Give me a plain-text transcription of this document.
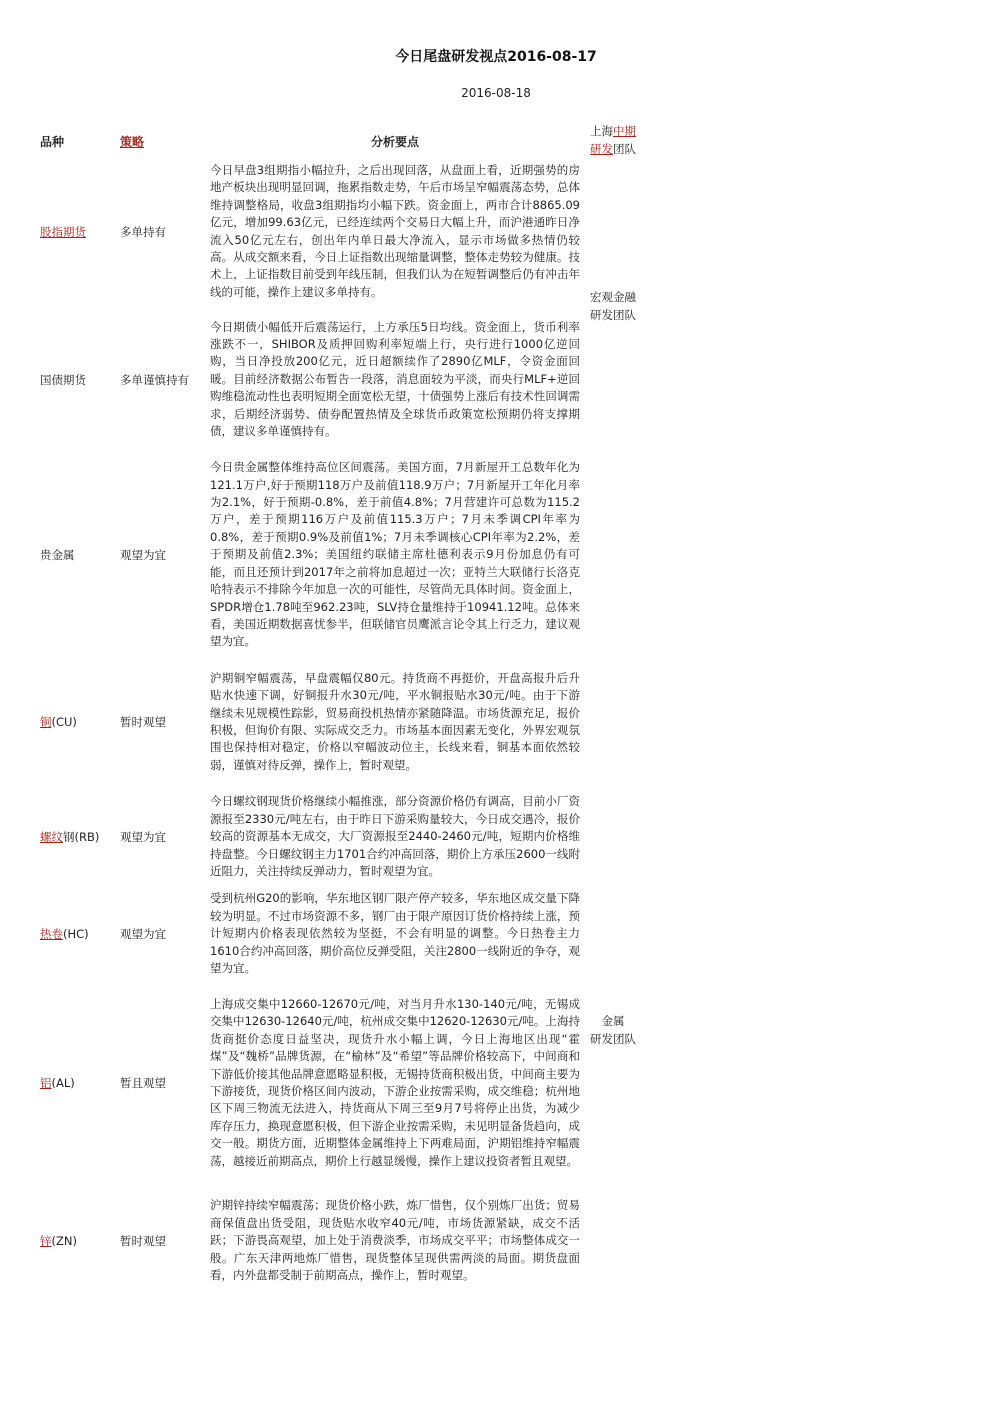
今日尾盘研发视点2016-08-17
2016-08-18
上海中期
研发团队
宏观金融
研发团队
金属
研发团队
品种	策略	分析要点
股指期货	多单持有	今日早盘3组期指小幅拉升，之后出现回落，从盘面上看，近期强势的房地产板块出现明显回调，拖累指数走势，午后市场呈窄幅震荡态势，总体维持调整格局，收盘3组期指均小幅下跌。资金面上，两市合计8865.09亿元，增加99.63亿元，已经连续两个交易日大幅上升，而沪港通昨日净流入50亿元左右，创出年内单日最大净流入，显示市场做多热情仍较高。从成交额来看，今日上证指数出现缩量调整，整体走势较为健康。技术上，上证指数目前受到年线压制，但我们认为在短暂调整后仍有冲击年线的可能，操作上建议多单持有。
国债期货	多单谨慎持有	今日期债小幅低开后震荡运行，上方承压5日均线。资金面上，货币利率涨跌不一，SHIBOR及质押回购利率短端上行，央行进行1000亿逆回购，当日净投放200亿元，近日超额续作了2890亿MLF，令资金面回暖。目前经济数据公布暂告一段落，消息面较为平淡，而央行MLF+逆回购维稳流动性也表明短期全面宽松无望，十债强势上涨后有技术性回调需求，后期经济弱势、债券配置热情及全球货币政策宽松预期仍将支撑期债，建议多单谨慎持有。
贵金属	观望为宜	今日贵金属整体维持高位区间震荡。美国方面，7月新屋开工总数年化为121.1万户,好于预期118万户及前值118.9万户；7月新屋开工年化月率为2.1%，好于预期-0.8%，差于前值4.8%；7月营建许可总数为115.2万户，差于预期116万户及前值115.3万户；7月未季调CPI年率为0.8%，差于预期0.9%及前值1%；7月未季调核心CPI年率为2.2%，差于预期及前值2.3%；美国纽约联储主席杜德利表示9月份加息仍有可能，而且还预计到2017年之前将加息超过一次；亚特兰大联储行长洛克哈特表示不排除今年加息一次的可能性，尽管尚无具体时间。资金面上，SPDR增仓1.78吨至962.23吨，SLV持仓量维持于10941.12吨。总体来看，美国近期数据喜忧参半，但联储官员鹰派言论令其上行乏力，建议观望为宜。
铜(CU)	暂时观望	沪期铜窄幅震荡，早盘震幅仅80元。持货商不再挺价，开盘高报升后升贴水快速下调，好铜报升水30元/吨，平水铜报贴水30元/吨。由于下游继续未见规模性踪影，贸易商投机热情亦紧随降温。市场货源充足，报价积极，但询价有限、实际成交乏力。市场基本面因素无变化，外界宏观氛围也保持相对稳定，价格以窄幅波动位主，长线来看，铜基本面依然较弱，谨慎对待反弹，操作上，暂时观望。
螺纹钢(RB)	观望为宜	今日螺纹钢现货价格继续小幅推涨，部分资源价格仍有调高，目前小厂资源报至2330元/吨左右，由于昨日下游采购量较大，今日成交遇冷，报价较高的资源基本无成交，大厂资源报至2440-2460元/吨，短期内价格维持盘整。今日螺纹钢主力1701合约冲高回落，期价上方承压2600一线附近阻力，关注持续反弹动力，暂时观望为宜。
热卷(HC)	观望为宜	受到杭州G20的影响，华东地区钢厂限产停产较多，华东地区成交量下降较为明显。不过市场资源不多，钢厂由于限产原因订货价格持续上涨，预计短期内价格表现依然较为坚挺，不会有明显的调整。今日热卷主力1610合约冲高回落，期价高位反弹受阻，关注2800一线附近的争夺，观望为宜。
铝(AL)	暂且观望	上海成交集中12660-12670元/吨，对当月升水130-140元/吨，无锡成交集中12630-12640元/吨，杭州成交集中12620-12630元/吨。上海持货商挺价态度日益坚决，现货升水小幅上调，今日上海地区出现“霍煤”及“魏桥”品牌货源，在“榆林”及“希望”等品牌价格较高下，中间商和下游低价接其他品牌意愿略显积极，无锡持货商积极出货，中间商主要为下游接货，现货价格区间内波动，下游企业按需采购，成交维稳；杭州地区下周三物流无法进入，持货商从下周三至9月7号将停止出货，为减少库存压力，换现意愿积极，但下游企业按需采购，未见明显备货趋向，成交一般。期货方面，近期整体金属维持上下两难局面，沪期铝维持窄幅震荡，越接近前期高点，期价上行越显缓慢，操作上建议投资者暂且观望。
锌(ZN)	暂时观望	沪期锌持续窄幅震荡；现货价格小跌，炼厂惜售，仅个别炼厂出货；贸易商保值盘出货受阻，现货贴水收窄40元/吨，市场货源紧缺，成交不活跃；下游畏高观望，加上处于消费淡季，市场成交平平；市场整体成交一般。广东天津两地炼厂惜售，现货整体呈现供需两淡的局面。期货盘面看，内外盘都受制于前期高点，操作上，暂时观望。
